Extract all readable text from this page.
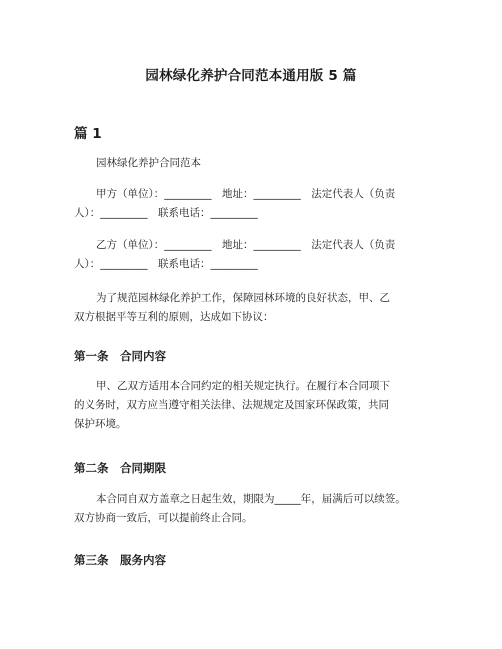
园林绿化养护合同范本通用版 5 篇
篇 1
园林绿化养护合同范本
甲方（单位）：_________　地址：_________　法定代表人（负责
人）：_________　联系电话：_________
乙方（单位）：_________　地址：_________　法定代表人（负责
人）：_________　联系电话：_________
为了规范园林绿化养护工作，保障园林环境的良好状态，甲、乙
双方根据平等互利的原则，达成如下协议：
第一条　合同内容
甲、乙双方适用本合同约定的相关规定执行。在履行本合同项下
的义务时，双方应当遵守相关法律、法规规定及国家环保政策，共同
保护环境。
第二条　合同期限
本合同自双方盖章之日起生效，期限为_____年，届满后可以续签。
双方协商一致后，可以提前终止合同。
第三条　服务内容
